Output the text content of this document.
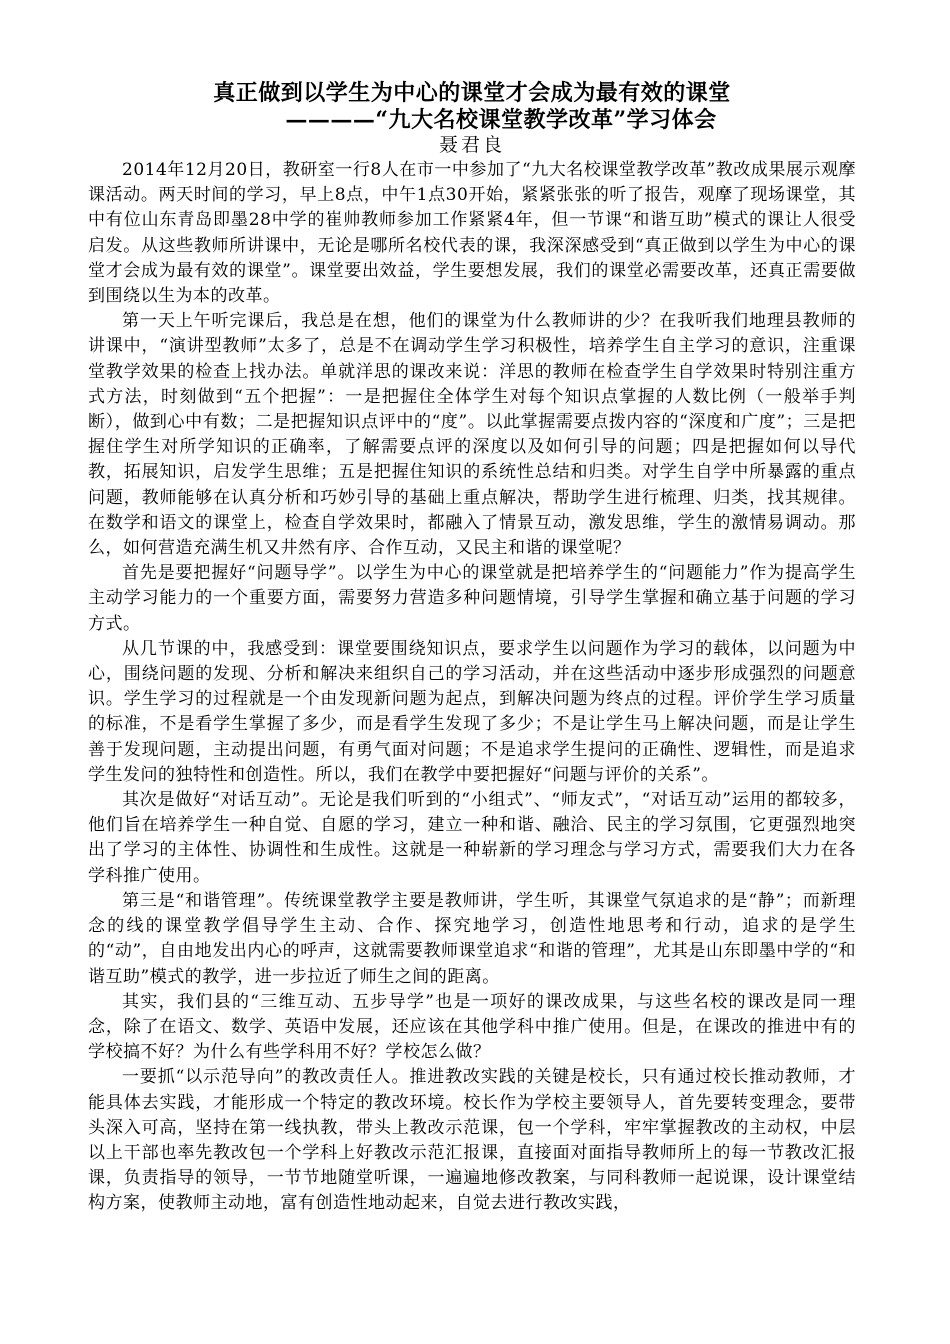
真正做到以学生为中心的课堂才会成为最有效的课堂
————“九大名校课堂教学改革”学习体会
聂君良

2014年12月20日，教研室一行8人在市一中参加了“九大名校课堂教学改革”教改成果展示观摩课活动。两天时间的学习，早上8点，中午1点30开始，紧紧张张的听了报告，观摩了现场课堂，其中有位山东青岛即墨28中学的崔帅教师参加工作紧紧4年，但一节课“和谐互助”模式的课让人很受启发。从这些教师所讲课中，无论是哪所名校代表的课，我深深感受到“真正做到以学生为中心的课堂才会成为最有效的课堂”。课堂要出效益，学生要想发展，我们的课堂必需要改革，还真正需要做到围绕以生为本的改革。

第一天上午听完课后，我总是在想，他们的课堂为什么教师讲的少？在我听我们地理县教师的讲课中，“演讲型教师”太多了，总是不在调动学生学习积极性，培养学生自主学习的意识，注重课堂教学效果的检查上找办法。单就洋思的课改来说：洋思的教师在检查学生自学效果时特别注重方式方法，时刻做到“五个把握”：一是把握住全体学生对每个知识点掌握的人数比例（一般举手判断），做到心中有数；二是把握知识点评中的“度”。以此掌握需要点拨内容的“深度和广度”；三是把握住学生对所学知识的正确率，了解需要点评的深度以及如何引导的问题；四是把握如何以导代教，拓展知识，启发学生思维；五是把握住知识的系统性总结和归类。对学生自学中所暴露的重点问题，教师能够在认真分析和巧妙引导的基础上重点解决，帮助学生进行梳理、归类，找其规律。在数学和语文的课堂上，检查自学效果时，都融入了情景互动，激发思维，学生的激情易调动。那么，如何营造充满生机又井然有序、合作互动，又民主和谐的课堂呢？

首先是要把握好“问题导学”。以学生为中心的课堂就是把培养学生的“问题能力”作为提高学生主动学习能力的一个重要方面，需要努力营造多种问题情境，引导学生掌握和确立基于问题的学习方式。

从几节课的中，我感受到：课堂要围绕知识点，要求学生以问题作为学习的载体，以问题为中心，围绕问题的发现、分析和解决来组织自己的学习活动，并在这些活动中逐步形成强烈的问题意识。学生学习的过程就是一个由发现新问题为起点，到解决问题为终点的过程。评价学生学习质量的标准，不是看学生掌握了多少，而是看学生发现了多少；不是让学生马上解决问题，而是让学生善于发现问题，主动提出问题，有勇气面对问题；不是追求学生提问的正确性、逻辑性，而是追求学生发问的独特性和创造性。所以，我们在教学中要把握好“问题与评价的关系”。

其次是做好“对话互动”。无论是我们听到的“小组式”、“师友式”，“对话互动”运用的都较多，他们旨在培养学生一种自觉、自愿的学习，建立一种和谐、融洽、民主的学习氛围，它更强烈地突出了学习的主体性、协调性和生成性。这就是一种崭新的学习理念与学习方式，需要我们大力在各学科推广使用。

第三是“和谐管理”。传统课堂教学主要是教师讲，学生听，其课堂气氛追求的是“静”；而新理念的线的课堂教学倡导学生主动、合作、探究地学习，创造性地思考和行动，追求的是学生的“动”，自由地发出内心的呼声，这就需要教师课堂追求“和谐的管理”，尤其是山东即墨中学的“和谐互助”模式的教学，进一步拉近了师生之间的距离。

其实，我们县的“三维互动、五步导学”也是一项好的课改成果，与这些名校的课改是同一理念，除了在语文、数学、英语中发展，还应该在其他学科中推广使用。但是，在课改的推进中有的学校搞不好？为什么有些学科用不好？学校怎么做？

一要抓“以示范导向”的教改责任人。推进教改实践的关键是校长，只有通过校长推动教师，才能具体去实践，才能形成一个特定的教改环境。校长作为学校主要领导人，首先要转变理念，要带头深入可高，坚持在第一线执教，带头上教改示范课，包一个学科，牢牢掌握教改的主动权，中层以上干部也率先教改包一个学科上好教改示范汇报课，直接面对面指导教师所上的每一节教改汇报课，负责指导的领导，一节节地随堂听课，一遍遍地修改教案，与同科教师一起说课，设计课堂结构方案，使教师主动地，富有创造性地动起来，自觉去进行教改实践，
